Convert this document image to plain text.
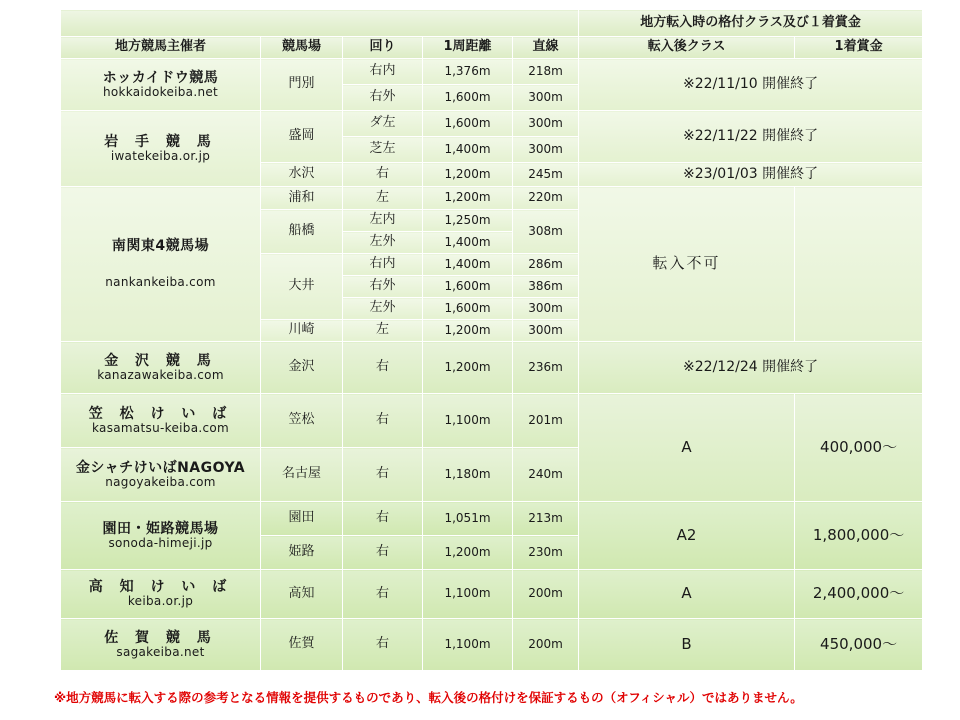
					地方転入時の格付クラス及び１着賞金	
地方競馬主催者	競馬場	回り	1周距離	直線	転入後クラス	1着賞金

ホッカイドウ競馬
hokkaidokeiba.net	門別	右内	1,376m	218m	※22/11/10 開催終了	
		右外	1,600m	300m		

岩 手 競 馬
iwatekeiba.or.jp	盛岡	ダ左	1,600m	300m	※22/11/22 開催終了	
		芝左	1,400m	300m		
	水沢	右	1,200m	245m	※23/01/03 開催終了	

南関東4競馬場
nankankeiba.com	浦和	左	1,200m	220m	転入不可	
	船橋	左内	1,250m	308m		
		左外	1,400m			
	大井	右内	1,400m	286m		
		右外	1,600m	386m		
		左外	1,600m	300m		
	川崎	左	1,200m	300m		

金 沢 競 馬
kanazawakeiba.com	金沢	右	1,200m	236m	※22/12/24 開催終了	

笠 松 け い ば
kasamatsu-keiba.com	笠松	右	1,100m	201m	A	400,000～

金シャチけいばNAGOYA
nagoyakeiba.com	名古屋	右	1,180m	240m		

園田・姫路競馬場
sonoda-himeji.jp	園田	右	1,051m	213m	A2	1,800,000～
	姫路	右	1,200m	230m		

高 知 け い ば
keiba.or.jp	高知	右	1,100m	200m	A	2,400,000～

佐 賀 競 馬
sagakeiba.net	佐賀	右	1,100m	200m	B	450,000～
※地方競馬に転入する際の参考となる情報を提供するものであり、転入後の格付けを保証するもの（オフィシャル）ではありません。
